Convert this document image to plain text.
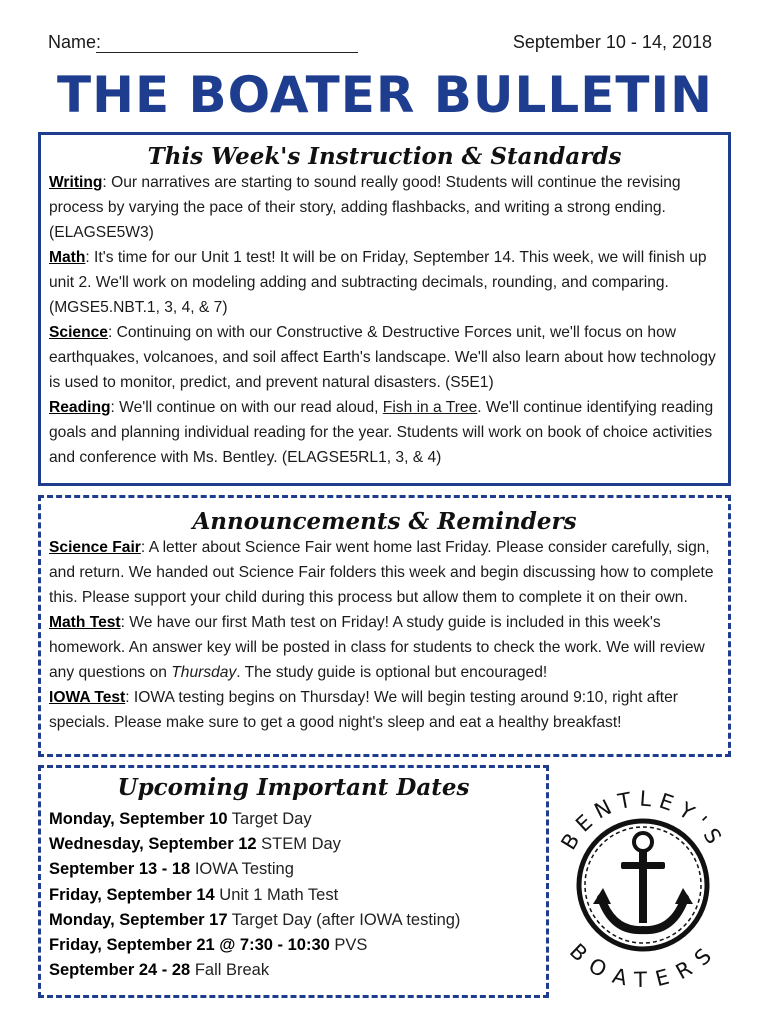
Name:	September 10 - 14, 2018
THE BOATER BULLETIN

This Week's Instruction & Standards

Writing: Our narratives are starting to sound really good! Students will continue the revising process by varying the pace of their story, adding flashbacks, and writing a strong ending. (ELAGSE5W3)

Math: It's time for our Unit 1 test! It will be on Friday, September 14. This week, we will finish up unit 2. We'll work on modeling adding and subtracting decimals, rounding, and comparing. (MGSE5.NBT.1, 3, 4, & 7)

Science: Continuing on with our Constructive & Destructive Forces unit, we'll focus on how earthquakes, volcanoes, and soil affect Earth's landscape. We'll also learn about how technology is used to monitor, predict, and prevent natural disasters. (S5E1)

Reading: We'll continue on with our read aloud, Fish in a Tree. We'll continue identifying reading goals and planning individual reading for the year. Students will work on book of choice activities and conference with Ms. Bentley. (ELAGSE5RL1, 3, & 4)

Announcements & Reminders

Science Fair: A letter about Science Fair went home last Friday. Please consider carefully, sign, and return. We handed out Science Fair folders this week and begin discussing how to complete this. Please support your child during this process but allow them to complete it on their own.

Math Test: We have our first Math test on Friday! A study guide is included in this week's homework. An answer key will be posted in class for students to check the work. We will review any questions on Thursday. The study guide is optional but encouraged!

IOWA Test: IOWA testing begins on Thursday! We will begin testing around 9:10, right after specials. Please make sure to get a good night's sleep and eat a healthy breakfast!

Upcoming Important Dates

Monday, September 10 Target Day

Wednesday, September 12 STEM Day

September 13 - 18 IOWA Testing

Friday, September 14 Unit 1 Math Test

Monday, September 17 Target Day (after IOWA testing)

Friday, September 21 @ 7:30 - 10:30 PVS

September 24 - 28 Fall Break

BENTLEY'S
BOATERS
